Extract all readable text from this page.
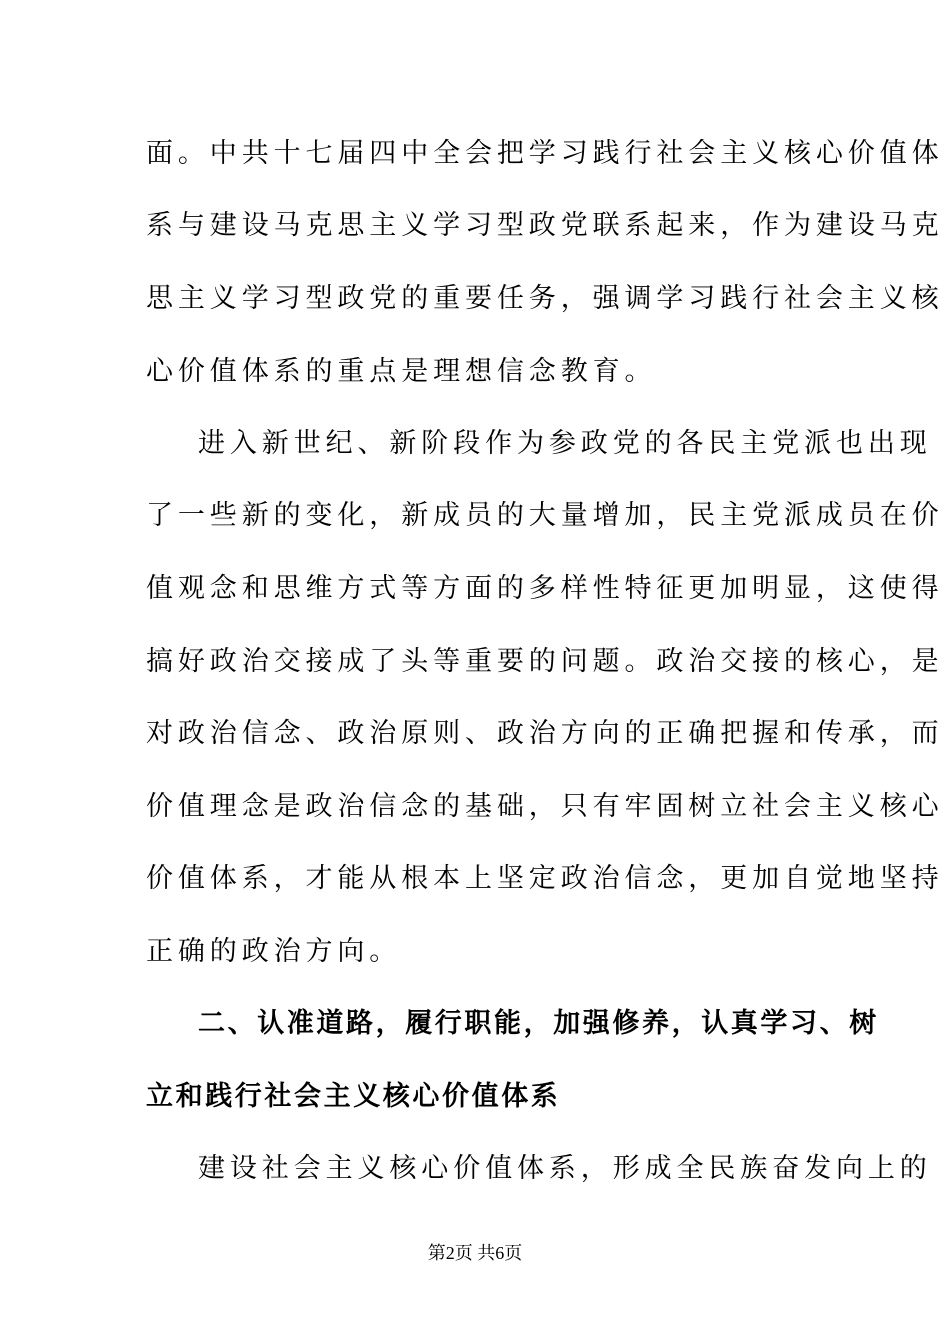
面。中共十七届四中全会把学习践行社会主义核心价值体
系与建设马克思主义学习型政党联系起来，作为建设马克
思主义学习型政党的重要任务，强调学习践行社会主义核
心价值体系的重点是理想信念教育。
进入新世纪、新阶段作为参政党的各民主党派也出现
了一些新的变化，新成员的大量增加，民主党派成员在价
值观念和思维方式等方面的多样性特征更加明显，这使得
搞好政治交接成了头等重要的问题。政治交接的核心，是
对政治信念、政治原则、政治方向的正确把握和传承，而
价值理念是政治信念的基础，只有牢固树立社会主义核心
价值体系，才能从根本上坚定政治信念，更加自觉地坚持
正确的政治方向。
二、认准道路，履行职能，加强修养，认真学习、树
立和践行社会主义核心价值体系
建设社会主义核心价值体系，形成全民族奋发向上的
第2页 共6页
